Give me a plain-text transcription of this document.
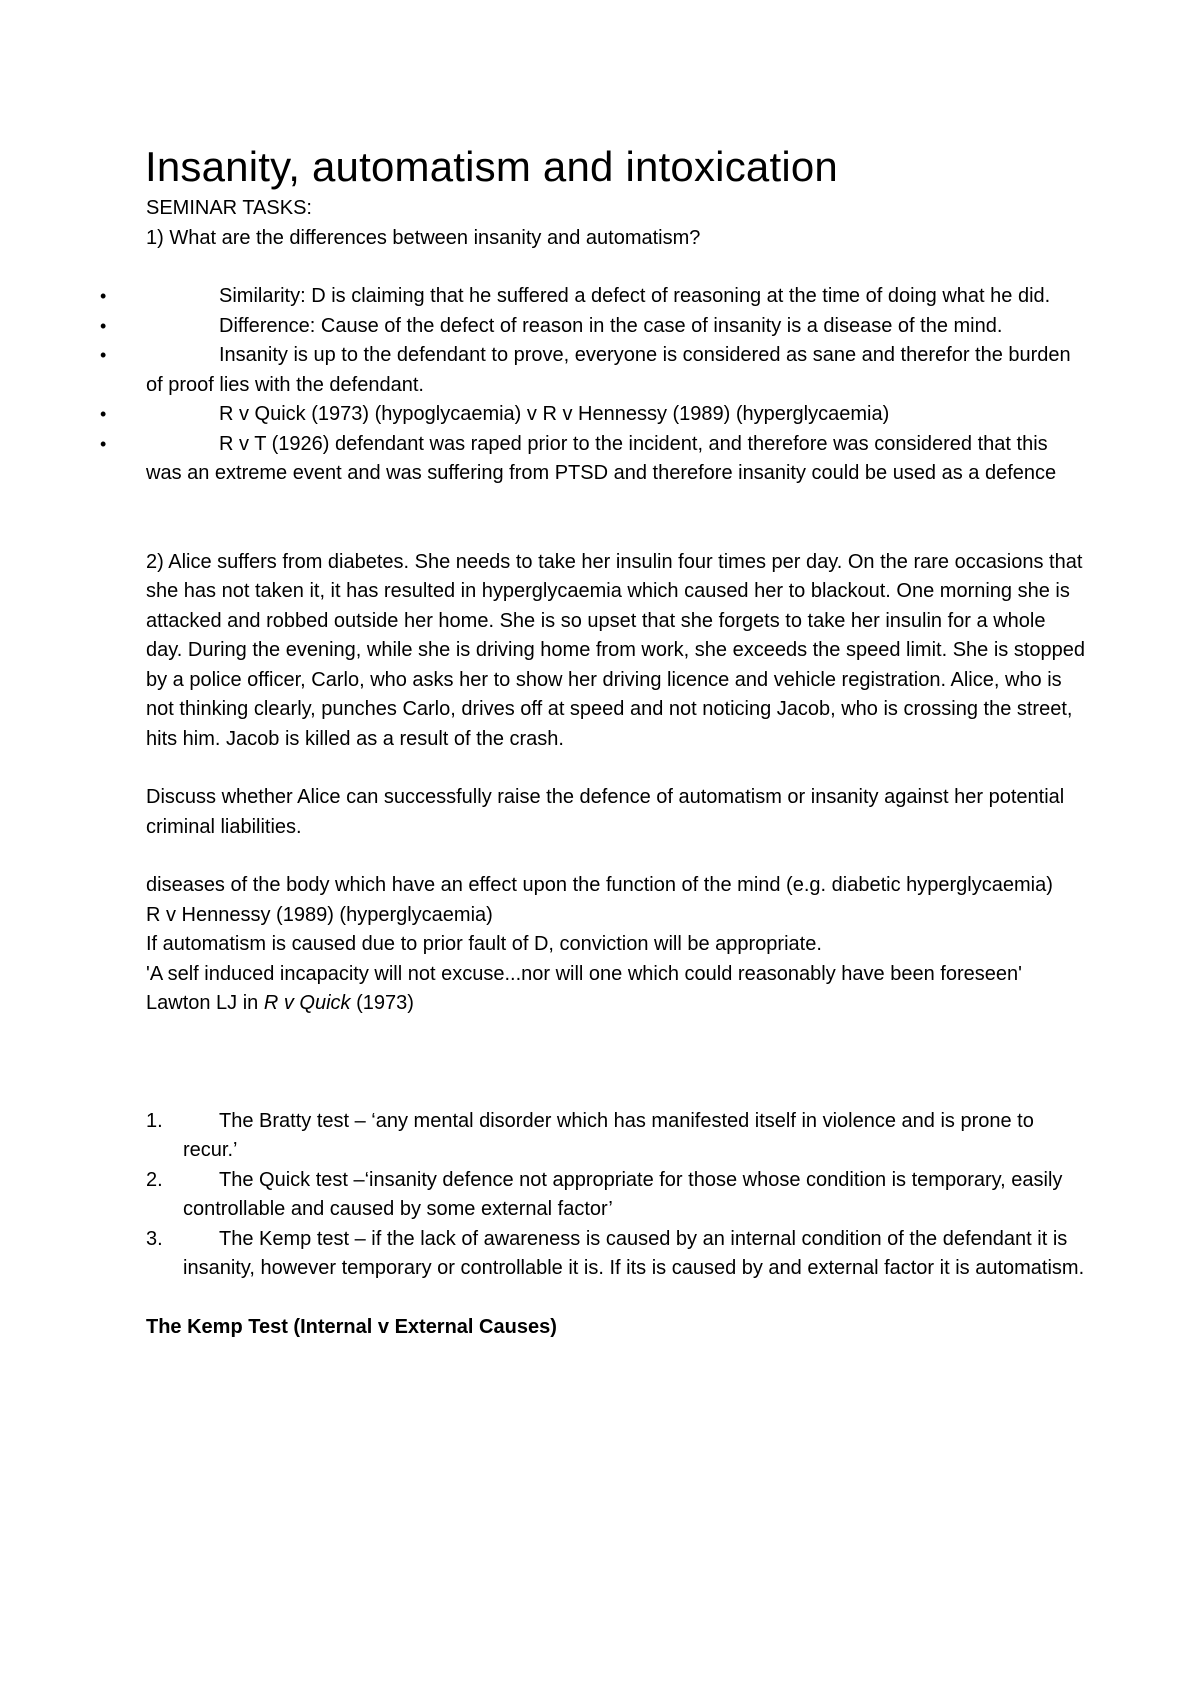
Insanity, automatism and intoxication

SEMINAR TASKS:

1) What are the differences between insanity and automatism?

•	Similarity: D is claiming that he suffered a defect of reasoning at the time of doing what he did.
•	Difference: Cause of the defect of reason in the case of insanity is a disease of the mind.
•	Insanity is up to the defendant to prove, everyone is considered as sane and therefor the burden of proof lies with the defendant.
•	R v Quick (1973) (hypoglycaemia) v R v Hennessy (1989) (hyperglycaemia)
•	R v T (1926) defendant was raped prior to the incident, and therefore was considered that this was an extreme event and was suffering from PTSD and therefore insanity could be used as a defence

2) Alice suffers from diabetes. She needs to take her insulin four times per day. On the rare occasions that she has not taken it, it has resulted in hyperglycaemia which caused her to blackout. One morning she is attacked and robbed outside her home. She is so upset that she forgets to take her insulin for a whole day. During the evening, while she is driving home from work, she exceeds the speed limit. She is stopped by a police officer, Carlo, who asks her to show her driving licence and vehicle registration. Alice, who is not thinking clearly, punches Carlo, drives off at speed and not noticing Jacob, who is crossing the street, hits him. Jacob is killed as a result of the crash.

Discuss whether Alice can successfully raise the defence of automatism or insanity against her potential criminal liabilities.

diseases of the body which have an effect upon the function of the mind (e.g. diabetic hyperglycaemia)

R v Hennessy (1989) (hyperglycaemia)

If automatism is caused due to prior fault of D, conviction will be appropriate.

'A self induced incapacity will not excuse...nor will one which could reasonably have been foreseen' Lawton LJ in R v Quick (1973)

1.	The Bratty test – ‘any mental disorder which has manifested itself in violence and is prone to recur.’
2.	The Quick test –‘insanity defence not appropriate for those whose condition is temporary, easily controllable and caused by some external factor’
3.	The Kemp test – if the lack of awareness is caused by an internal condition of the defendant it is insanity, however temporary or controllable it is. If its is caused by and external factor it is automatism.

The Kemp Test (Internal v External Causes)
